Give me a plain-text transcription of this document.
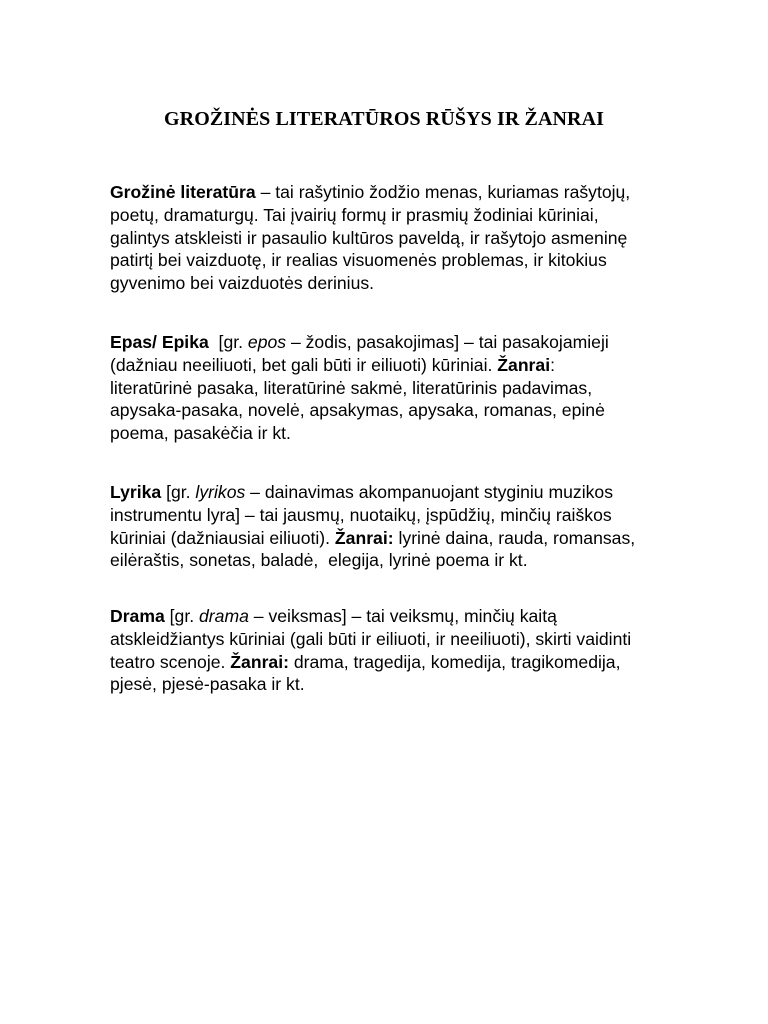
GROŽINĖS LITERATŪROS RŪŠYS IR ŽANRAI

Grožinė literatūra – tai rašytinio žodžio menas, kuriamas rašytojų,
poetų, dramaturgų. Tai įvairių formų ir prasmių žodiniai kūriniai,
galintys atskleisti ir pasaulio kultūros paveldą, ir rašytojo asmeninę
patirtį bei vaizduotę, ir realias visuomenės problemas, ir kitokius
gyvenimo bei vaizduotės derinius.

Epas/ Epika  [gr. epos – žodis, pasakojimas] – tai pasakojamieji
(dažniau neeiliuoti, bet gali būti ir eiliuoti) kūriniai. Žanrai:
literatūrinė pasaka, literatūrinė sakmė, literatūrinis padavimas,
apysaka-pasaka, novelė, apsakymas, apysaka, romanas, epinė
poema, pasakėčia ir kt.

Lyrika [gr. lyrikos – dainavimas akompanuojant styginiu muzikos
instrumentu lyra] – tai jausmų, nuotaikų, įspūdžių, minčių raiškos
kūriniai (dažniausiai eiliuoti). Žanrai: lyrinė daina, rauda, romansas,
eilėraštis, sonetas, baladė,  elegija, lyrinė poema ir kt.

Drama [gr. drama – veiksmas] – tai veiksmų, minčių kaitą
atskleidžiantys kūriniai (gali būti ir eiliuoti, ir neeiliuoti), skirti vaidinti
teatro scenoje. Žanrai: drama, tragedija, komedija, tragikomedija,
pjesė, pjesė-pasaka ir kt.
